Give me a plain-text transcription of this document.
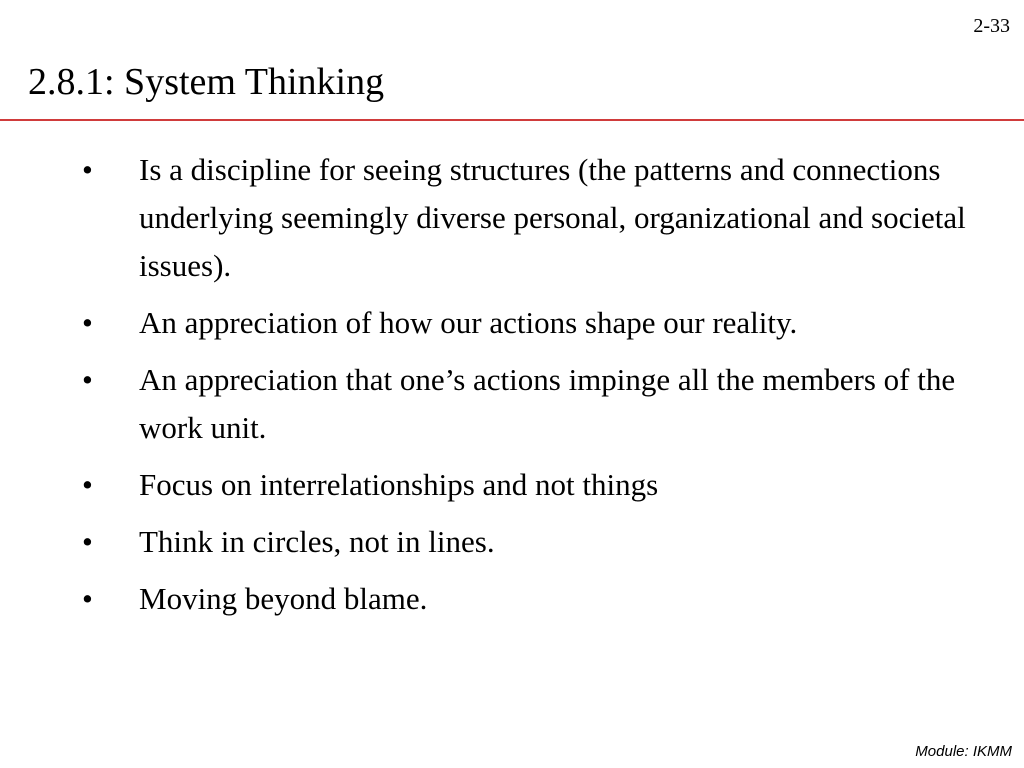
2-33
2.8.1: System Thinking
• Is a discipline for seeing structures (the patterns and connections underlying seemingly diverse personal, organizational and societal issues).
• An appreciation of how our actions shape our reality.
• An appreciation that one’s actions impinge all the members of the work unit.
• Focus on interrelationships and not things
• Think in circles, not in lines.
• Moving beyond blame.
Module: IKMM
